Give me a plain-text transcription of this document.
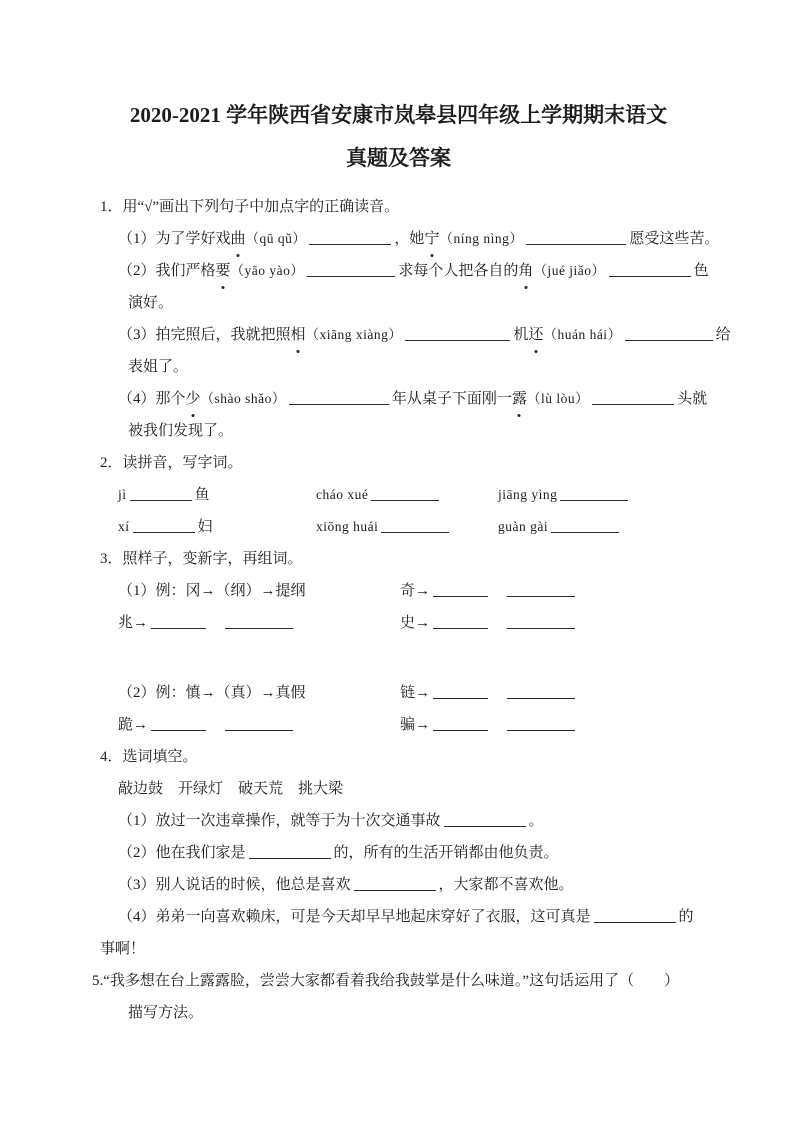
2020-2021 学年陕西省安康市岚皋县四年级上学期期末语文
真题及答案
1．用“√”画出下列句子中加点字的正确读音。
（1）为了学好戏曲（qū qǔ）	，她宁（níng nìng）	愿受这些苦。
（2）我们严格要（yāo yào）	求每个人把各自的角（jué jiǎo）	色
演好。
（3）拍完照后，我就把照相（xiāng xiàng）	机还（huán hái）	给
表姐了。
（4）那个少（shào shǎo）	年从桌子下面刚一露（lù lòu）	头就
被我们发现了。
2．读拼音，写字词。
jì	鱼	cháo xué	jiāng yìng
xí	妇	xiōng huái	guàn gài
3．照样子，变新字，再组词。
（1）例：冈→（纲）→提纲	奇→
兆→	史→
（2）例：慎→（真）→真假	链→
跪→	骗→
4．选词填空。
敲边鼓　开绿灯　破天荒　挑大梁
（1）放过一次违章操作，就等于为十次交通事故	。
（2）他在我们家是	的，所有的生活开销都由他负责。
（3）别人说话的时候，他总是喜欢	，大家都不喜欢他。
（4）弟弟一向喜欢赖床，可是今天却早早地起床穿好了衣服，这可真是	的
事啊！
5.“我多想在台上露露脸，尝尝大家都看着我给我鼓掌是什么味道。”这句话运用了（　　）
描写方法。
